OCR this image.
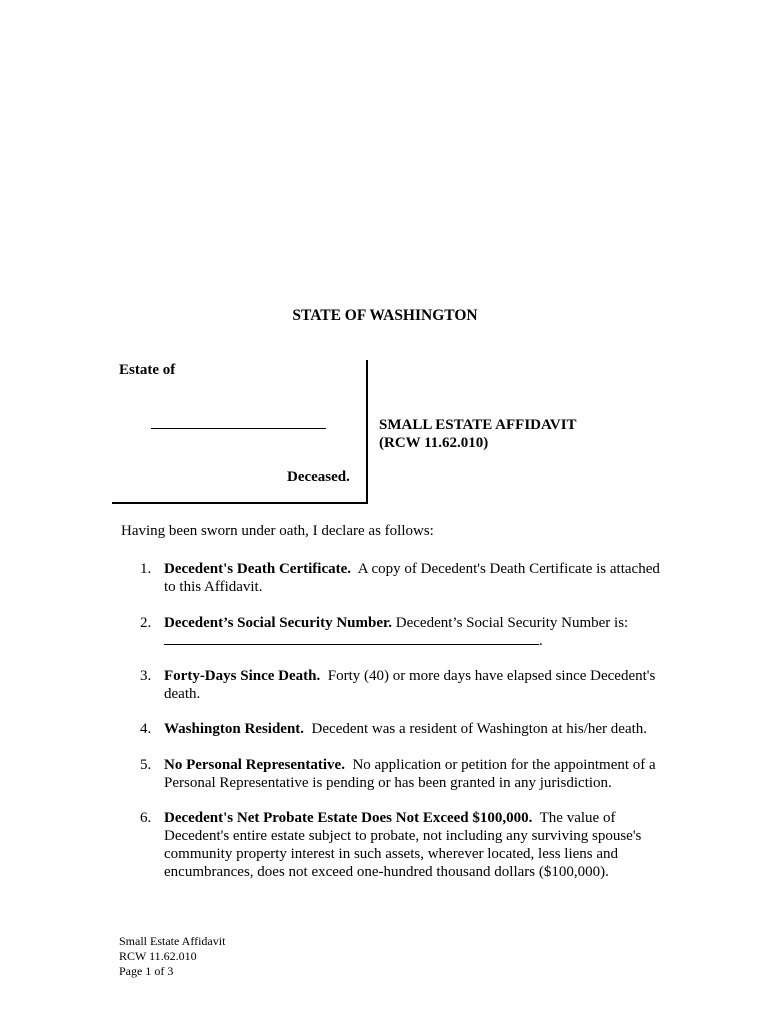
STATE OF WASHINGTON
Estate of
Deceased.
SMALL ESTATE AFFIDAVIT
(RCW 11.62.010)
Having been sworn under oath, I declare as follows:
1. Decedent's Death Certificate. A copy of Decedent's Death Certificate is attached to this Affidavit.
2. Decedent’s Social Security Number. Decedent’s Social Security Number is:.
3. Forty-Days Since Death. Forty (40) or more days have elapsed since Decedent's death.
4. Washington Resident. Decedent was a resident of Washington at his/her death.
5. No Personal Representative. No application or petition for the appointment of a Personal Representative is pending or has been granted in any jurisdiction.
6. Decedent's Net Probate Estate Does Not Exceed $100,000. The value of Decedent's entire estate subject to probate, not including any surviving spouse's community property interest in such assets, wherever located, less liens and encumbrances, does not exceed one-hundred thousand dollars ($100,000).
Small Estate Affidavit
RCW 11.62.010
Page 1 of 3
